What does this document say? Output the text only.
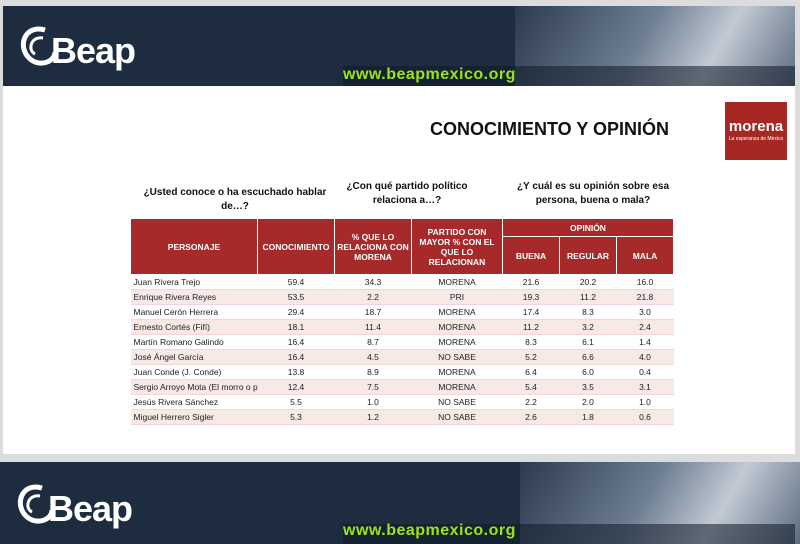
Beap
www.beapmexico.org
CONOCIMIENTO Y OPINIÓN	morena
La esperanza de México
¿Usted conoce o ha escuchado hablar de…?
¿Con qué partido político relaciona a…?
¿Y cuál es su opinión sobre esa persona, buena o mala?
PERSONAJE	CONOCIMIENTO	% QUE LO RELACIONA CON MORENA	PARTIDO CON MAYOR % CON EL QUE LO RELACIONAN	OPINIÓN		
				BUENA	REGULAR	MALA
Juan Rivera Trejo	59.4	34.3	MORENA	21.6	20.2	16.0
Enrique Rivera Reyes	53.5	2.2	PRI	19.3	11.2	21.8
Manuel Cerón Herrera	29.4	18.7	MORENA	17.4	8.3	3.0
Ernesto Cortés (Fifí)	18.1	11.4	MORENA	11.2	3.2	2.4
Martín Romano Galindo	16.4	8.7	MORENA	8.3	6.1	1.4
José Ángel García	16.4	4.5	NO SABE	5.2	6.6	4.0
Juan Conde (J. Conde)	13.8	8.9	MORENA	6.4	6.0	0.4
Sergio Arroyo Mota (El morro o p	12.4	7.5	MORENA	5.4	3.5	3.1
Jesús Rivera Sánchez	5.5	1.0	NO SABE	2.2	2.0	1.0
Miguel Herrero Sigler	5.3	1.2	NO SABE	2.6	1.8	0.6
Beap
www.beapmexico.org
